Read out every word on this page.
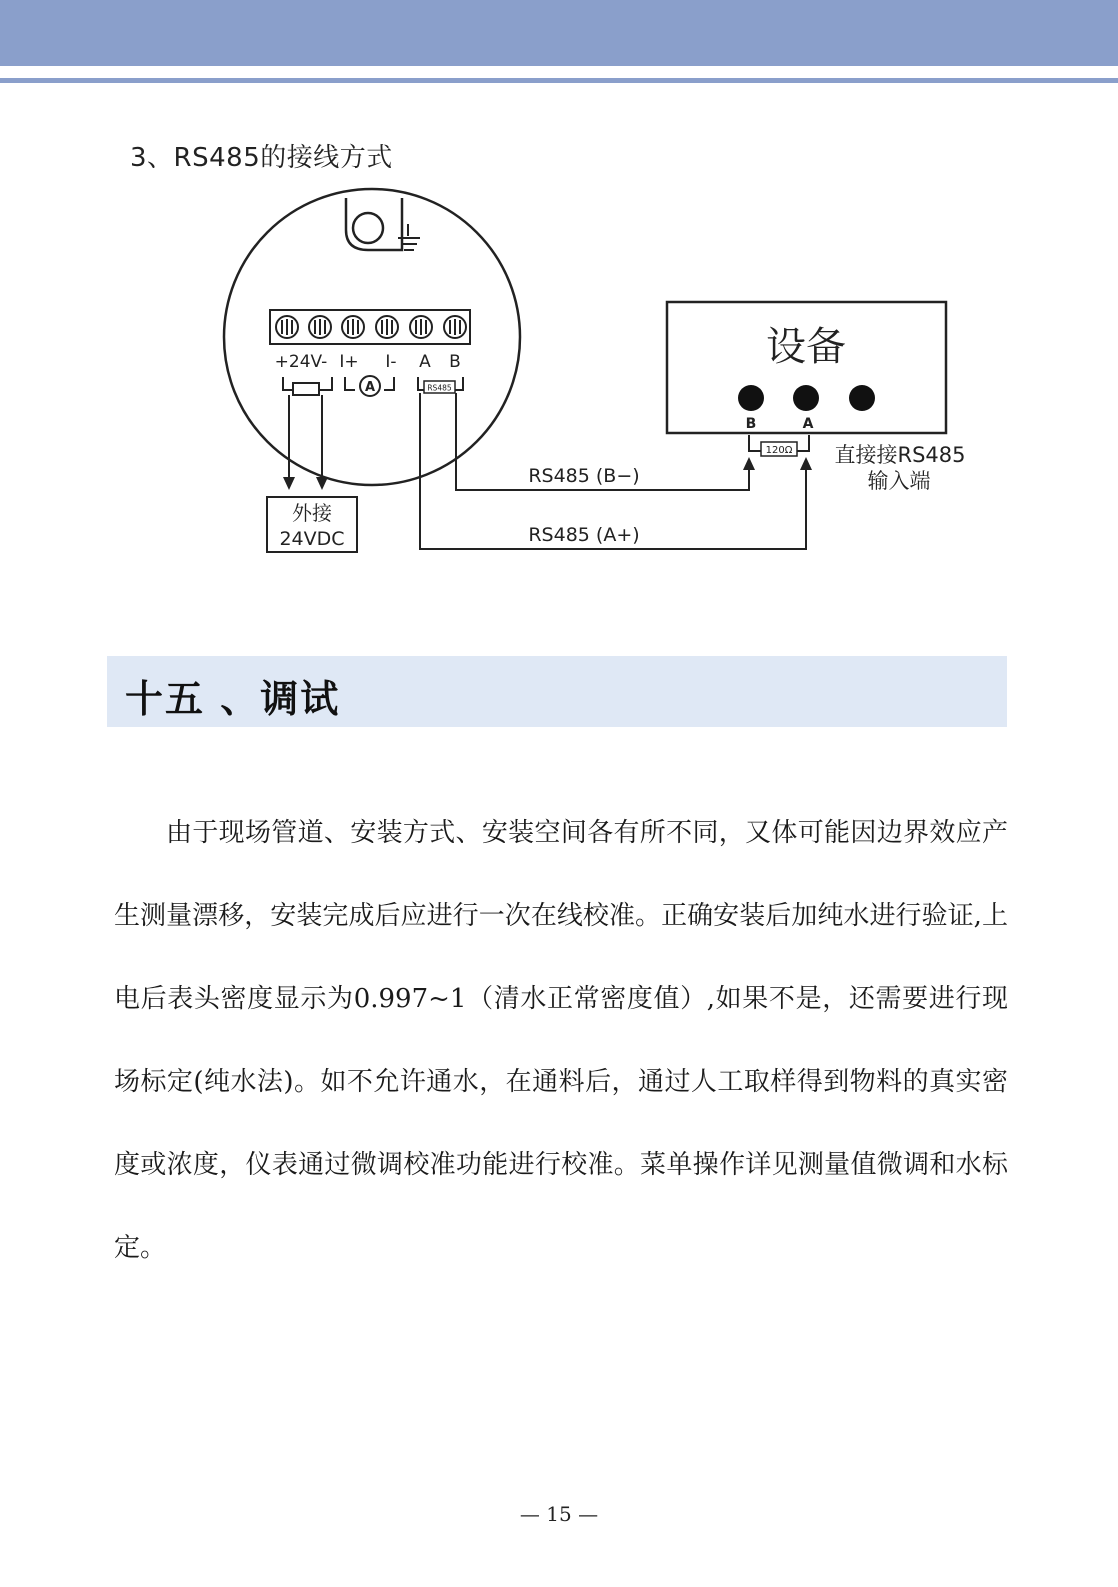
3、RS485的接线方式
+24V- I+ I- A B
A	RS485
外接
24VDC
RS485 (B−)
RS485 (A+)
设备
B	A
120Ω 直接接RS485
输入端
十五 、调试

由于现场管道、安装方式、安装空间各有所不同，又体可能因边界效应产生测量漂移，安装完成后应进行一次在线校准。正确安装后加纯水进行验证,上电后表头密度显示为0.997~1（清水正常密度值）,如果不是，还需要进行现场标定(纯水法)。如不允许通水，在通料后，通过人工取样得到物料的真实密度或浓度，仪表通过微调校准功能进行校准。菜单操作详见测量值微调和水标定。

— 15 —
